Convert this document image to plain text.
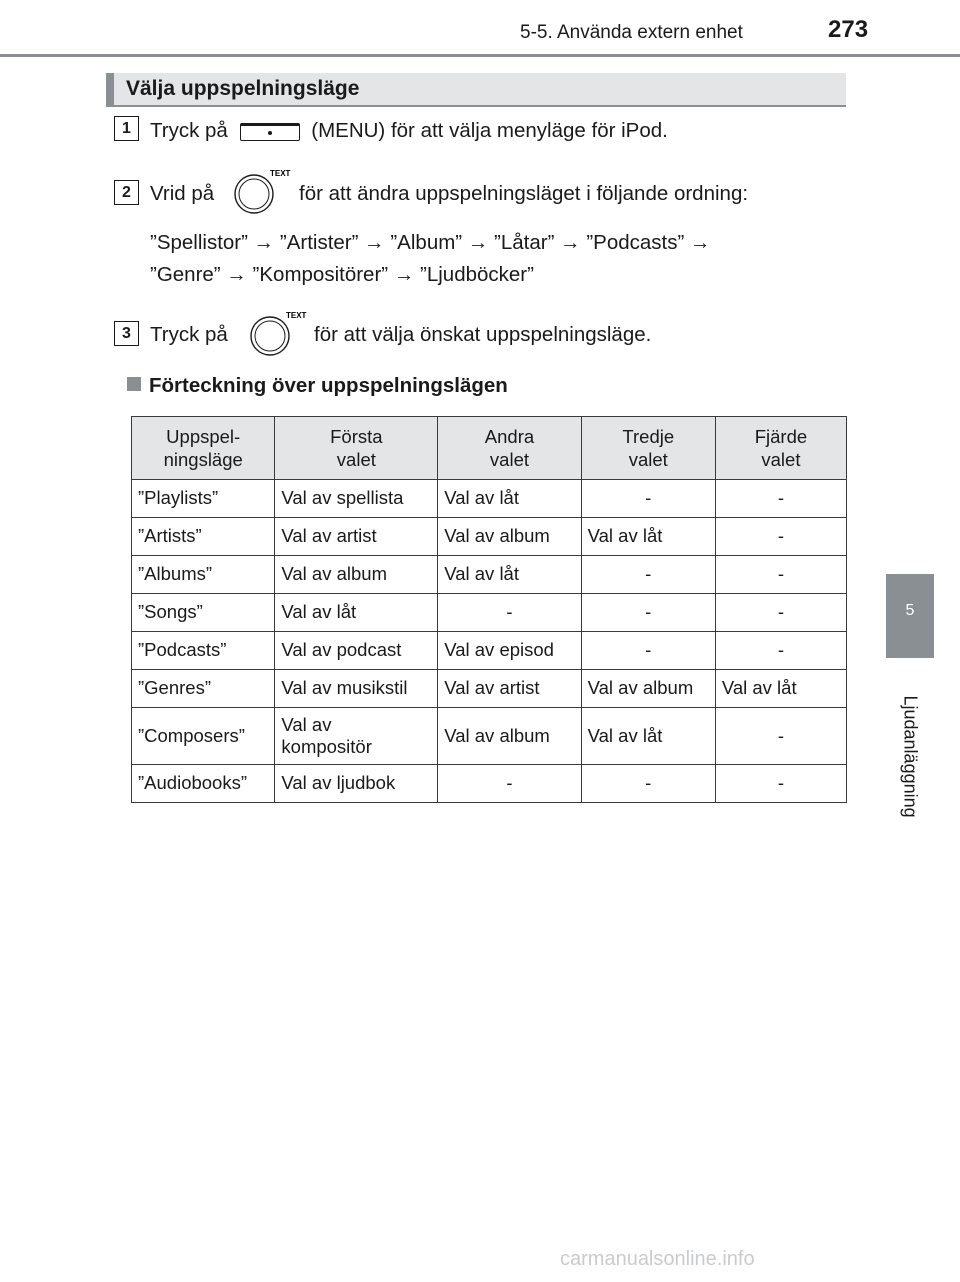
5-5. Använda extern enhet	273
5
Ljudanläggning
Välja uppspelningsläge
1 Tryck på	(MENU) för att välja menyläge för iPod.
2 Vrid på
TEXT
för att ändra uppspelningsläget i följande ordning:
”Spellistor” → ”Artister” → ”Album” → ”Låtar” → ”Podcasts” →
”Genre” → ”Kompositörer” → ”Ljudböcker”
3 Tryck på
TEXT
för att välja önskat uppspelningsläge.
Förteckning över uppspelningslägen
Uppspel-
ningsläge	Första
valet	Andra
valet	Tredje
valet	Fjärde
valet
”Playlists”	Val av spellista	Val av låt	-	-
”Artists”	Val av artist	Val av album	Val av låt	-
”Albums”	Val av album	Val av låt	-	-
”Songs”	Val av låt	-	-	-
”Podcasts”	Val av podcast	Val av episod	-	-
”Genres”	Val av musikstil	Val av artist	Val av album	Val av låt
”Composers”	Val av
kompositör	Val av album	Val av låt	-
”Audiobooks”	Val av ljudbok	-	-	-
carmanualsonline.info
